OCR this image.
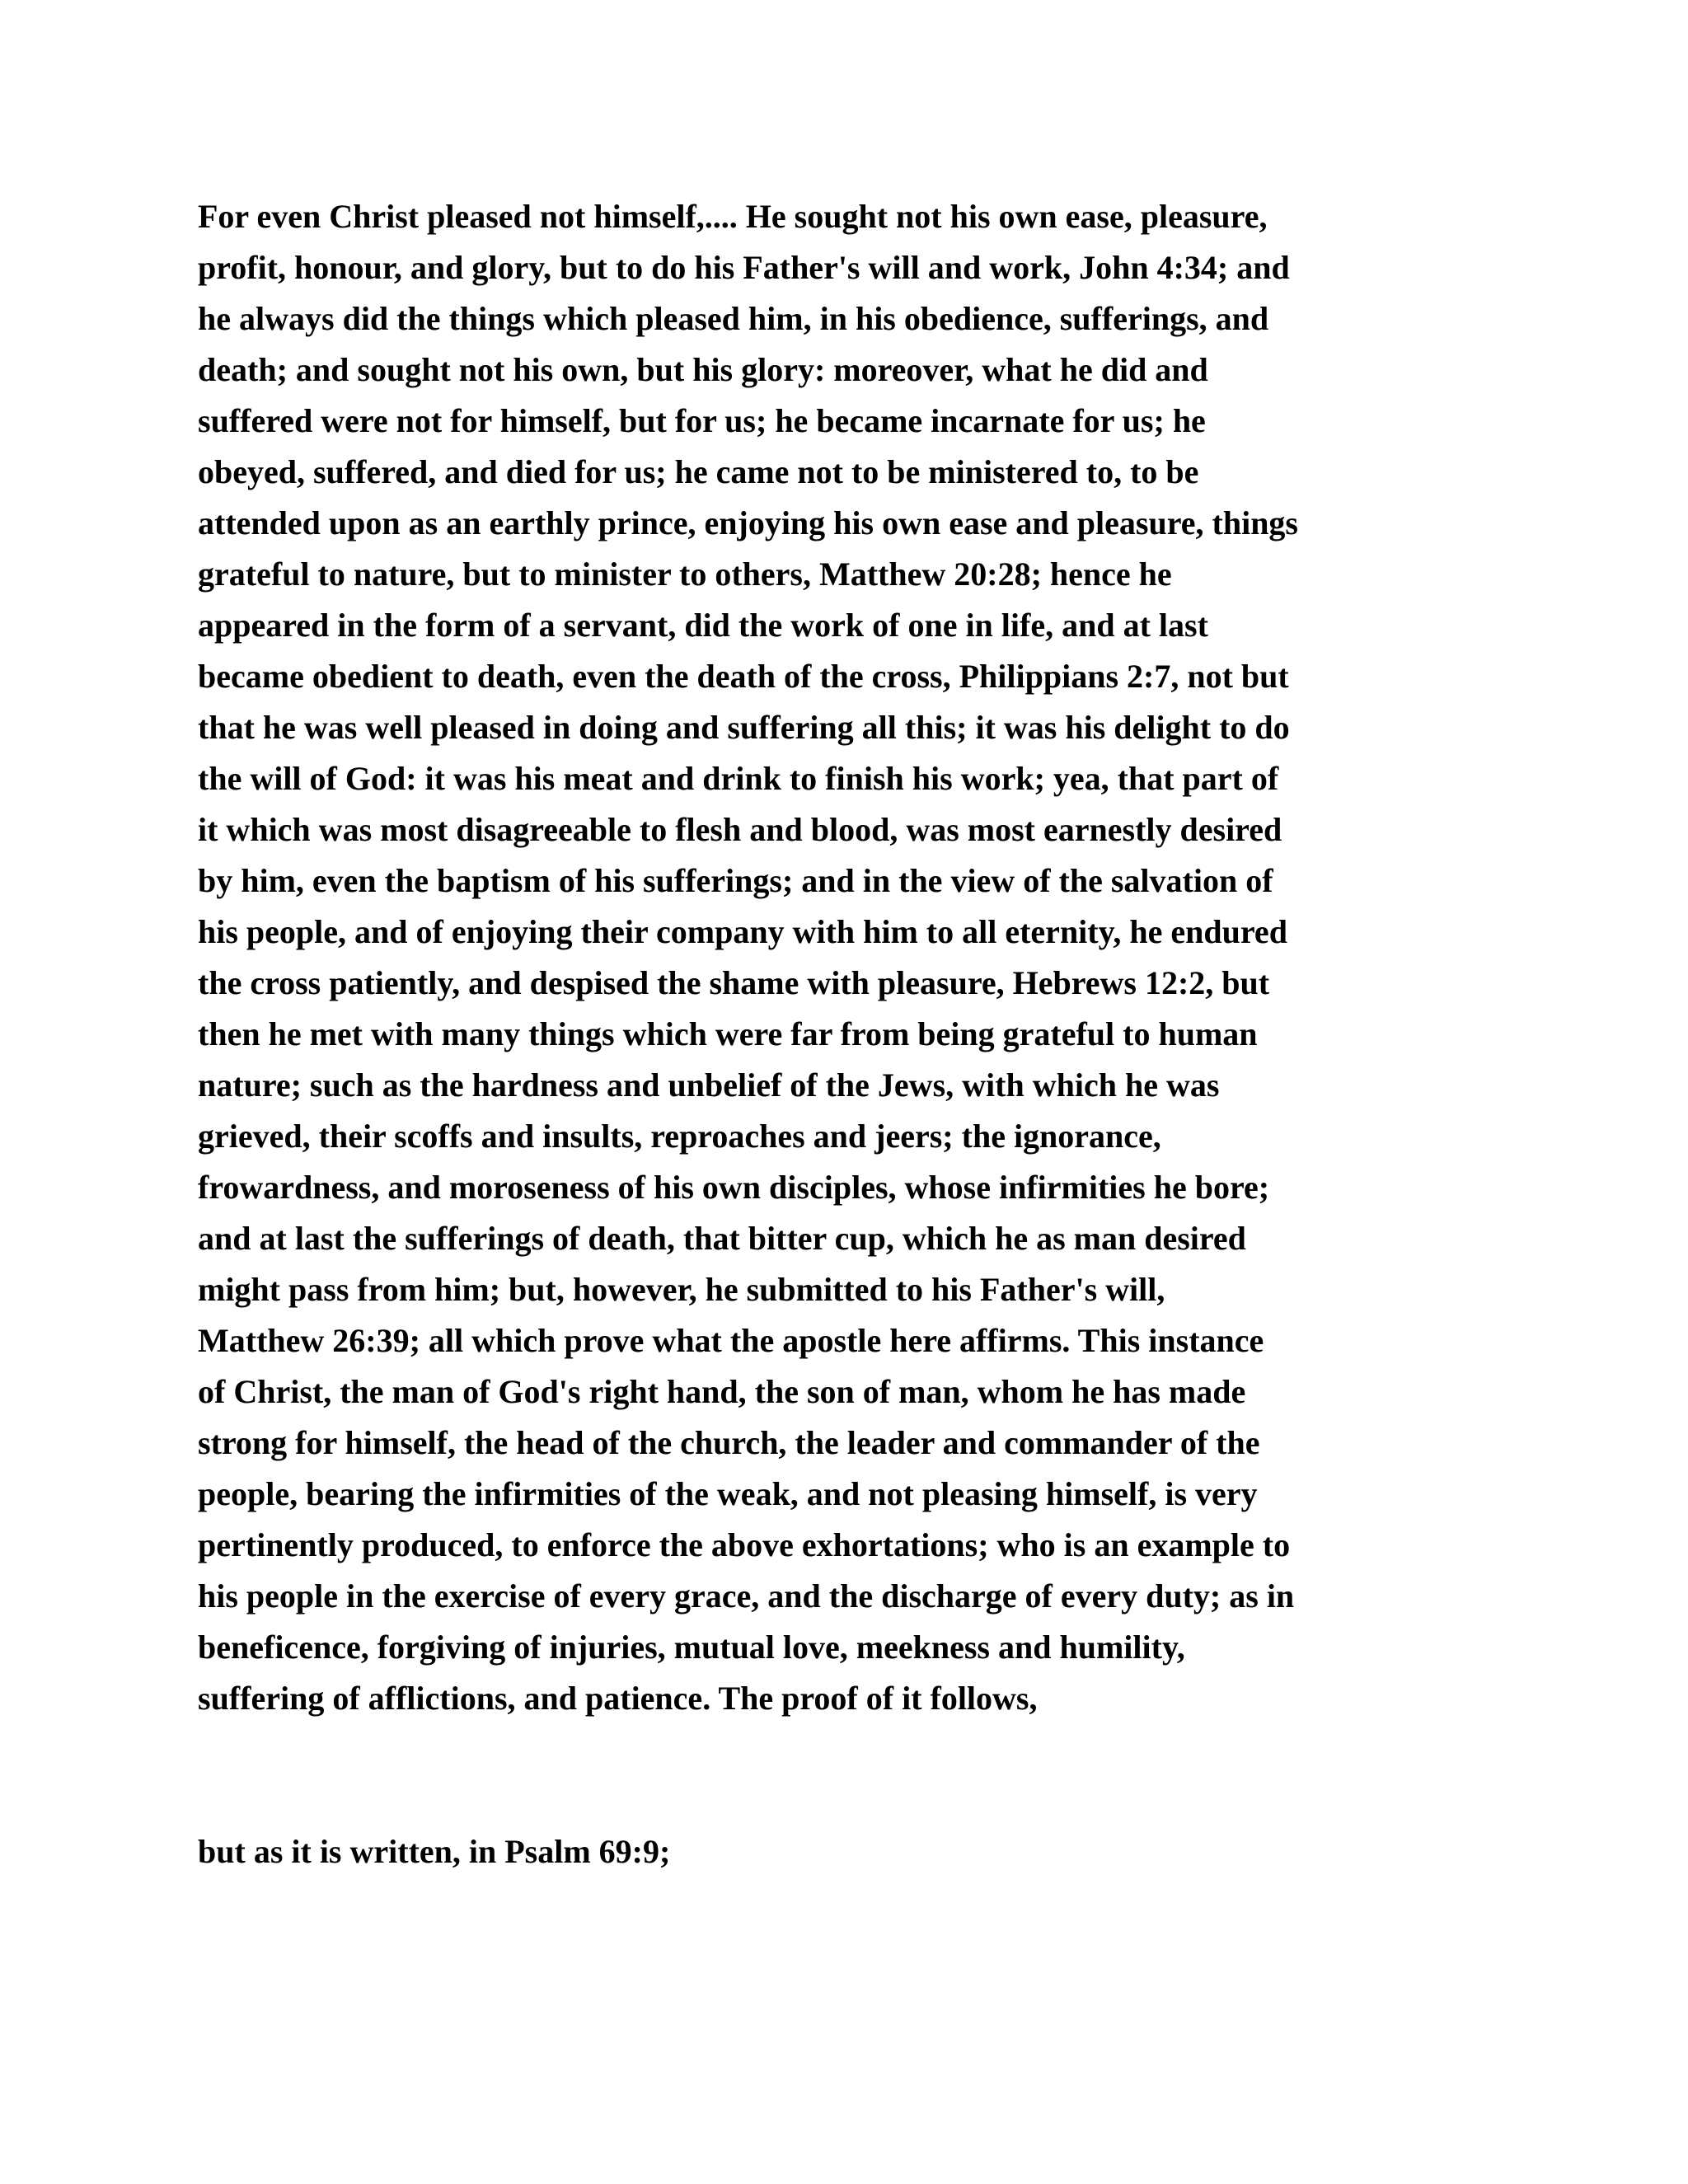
For even Christ pleased not himself,.... He sought not his own ease, pleasure,
profit, honour, and glory, but to do his Father's will and work, John 4:34; and
he always did the things which pleased him, in his obedience, sufferings, and
death; and sought not his own, but his glory: moreover, what he did and
suffered were not for himself, but for us; he became incarnate for us; he
obeyed, suffered, and died for us; he came not to be ministered to, to be
attended upon as an earthly prince, enjoying his own ease and pleasure, things
grateful to nature, but to minister to others, Matthew 20:28; hence he
appeared in the form of a servant, did the work of one in life, and at last
became obedient to death, even the death of the cross, Philippians 2:7, not but
that he was well pleased in doing and suffering all this; it was his delight to do
the will of God: it was his meat and drink to finish his work; yea, that part of
it which was most disagreeable to flesh and blood, was most earnestly desired
by him, even the baptism of his sufferings; and in the view of the salvation of
his people, and of enjoying their company with him to all eternity, he endured
the cross patiently, and despised the shame with pleasure, Hebrews 12:2, but
then he met with many things which were far from being grateful to human
nature; such as the hardness and unbelief of the Jews, with which he was
grieved, their scoffs and insults, reproaches and jeers; the ignorance,
frowardness, and moroseness of his own disciples, whose infirmities he bore;
and at last the sufferings of death, that bitter cup, which he as man desired
might pass from him; but, however, he submitted to his Father's will,
Matthew 26:39; all which prove what the apostle here affirms. This instance
of Christ, the man of God's right hand, the son of man, whom he has made
strong for himself, the head of the church, the leader and commander of the
people, bearing the infirmities of the weak, and not pleasing himself, is very
pertinently produced, to enforce the above exhortations; who is an example to
his people in the exercise of every grace, and the discharge of every duty; as in
beneficence, forgiving of injuries, mutual love, meekness and humility,
suffering of afflictions, and patience. The proof of it follows,

but as it is written, in Psalm 69:9;
